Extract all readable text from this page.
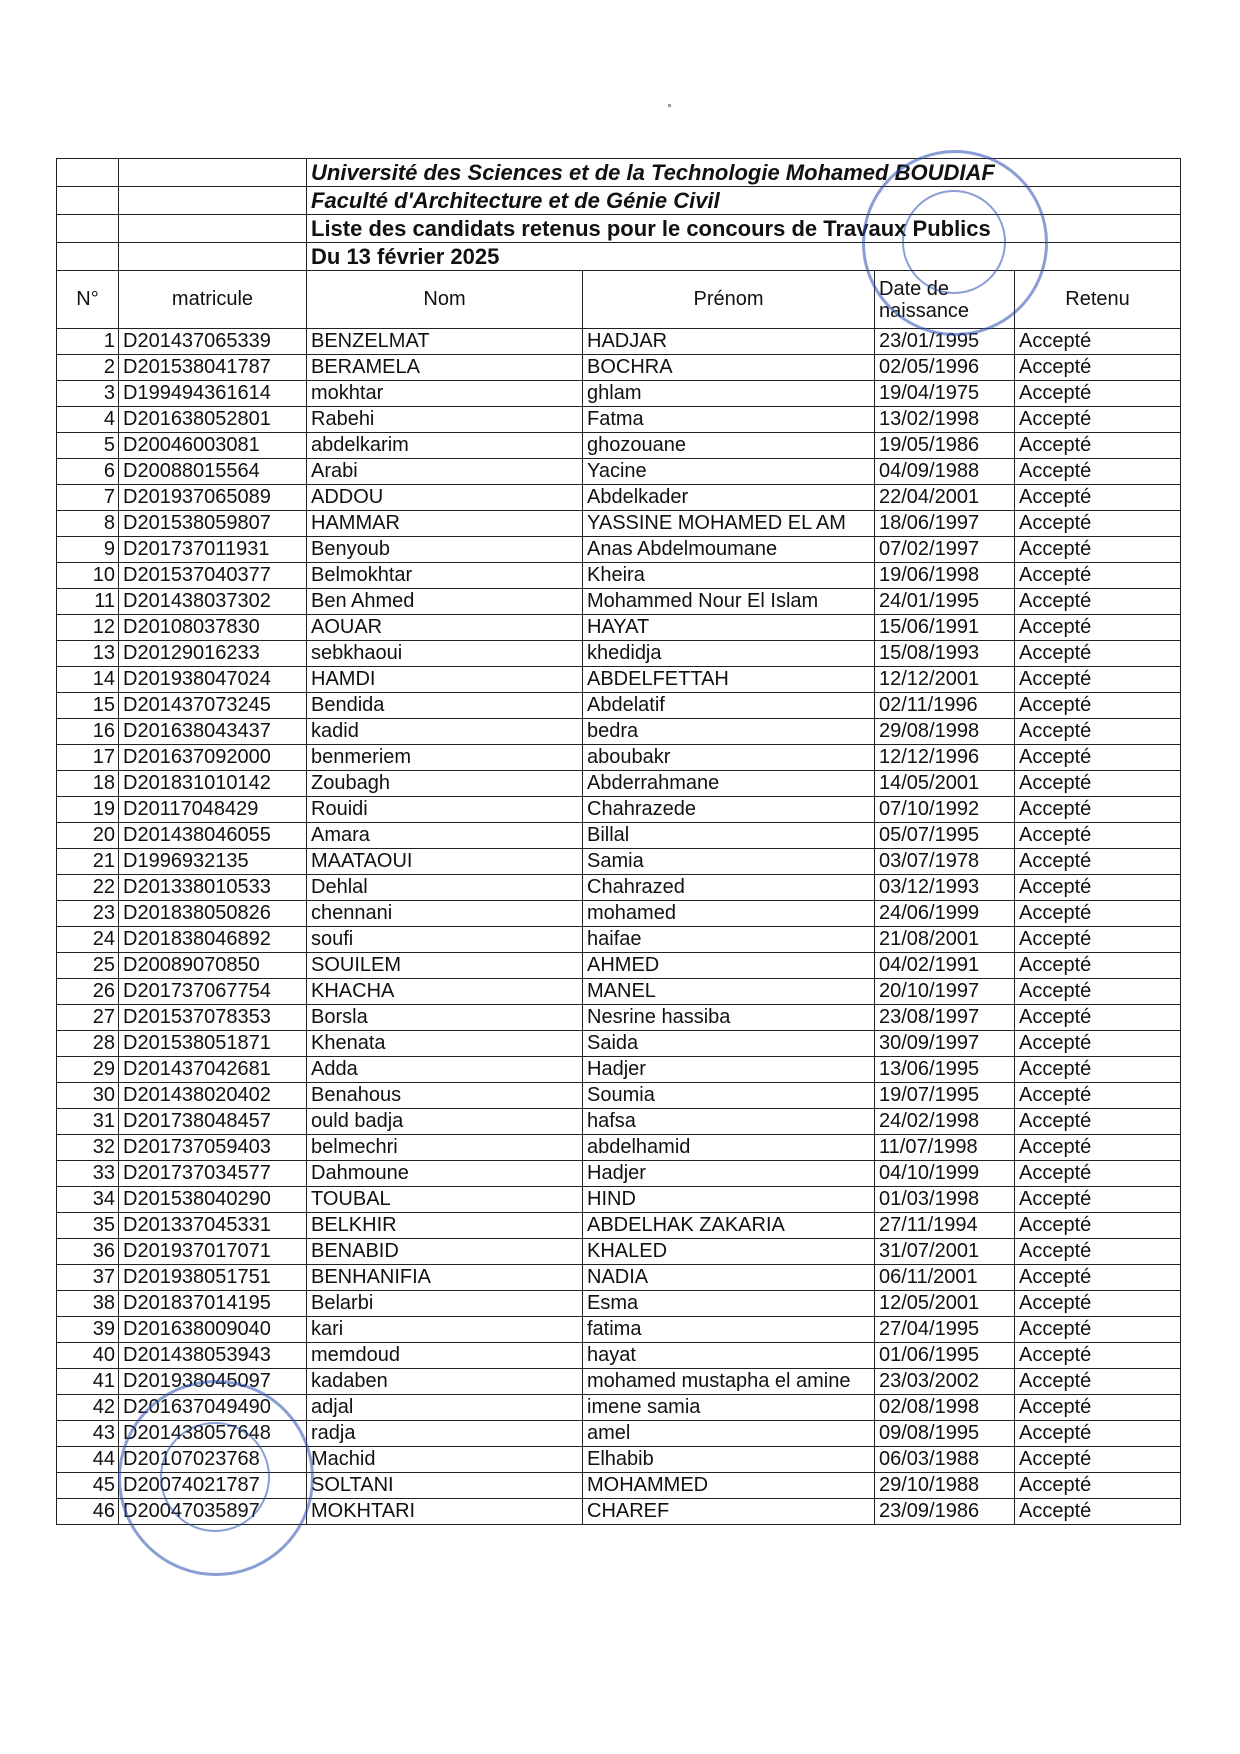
		Université des Sciences et de la Technologie Mohamed BOUDIAF			
		Faculté d'Architecture et de Génie Civil			
		Liste des candidats retenus pour le concours de Travaux Publics			
		Du 13 février 2025			
N°	matricule	Nom	Prénom	Date de naissance	Retenu
1	D201437065339	BENZELMAT	HADJAR	23/01/1995	Accepté
2	D201538041787	BERAMELA	BOCHRA	02/05/1996	Accepté
3	D199494361614	mokhtar	ghlam	19/04/1975	Accepté
4	D201638052801	Rabehi	Fatma	13/02/1998	Accepté
5	D20046003081	abdelkarim	ghozouane	19/05/1986	Accepté
6	D20088015564	Arabi	Yacine	04/09/1988	Accepté
7	D201937065089	ADDOU	Abdelkader	22/04/2001	Accepté
8	D201538059807	HAMMAR	YASSINE MOHAMED EL AM	18/06/1997	Accepté
9	D201737011931	Benyoub	Anas Abdelmoumane	07/02/1997	Accepté
10	D201537040377	Belmokhtar	Kheira	19/06/1998	Accepté
11	D201438037302	Ben Ahmed	Mohammed Nour El Islam	24/01/1995	Accepté
12	D20108037830	AOUAR	HAYAT	15/06/1991	Accepté
13	D20129016233	sebkhaoui	khedidja	15/08/1993	Accepté
14	D201938047024	HAMDI	ABDELFETTAH	12/12/2001	Accepté
15	D201437073245	Bendida	Abdelatif	02/11/1996	Accepté
16	D201638043437	kadid	bedra	29/08/1998	Accepté
17	D201637092000	benmeriem	aboubakr	12/12/1996	Accepté
18	D201831010142	Zoubagh	Abderrahmane	14/05/2001	Accepté
19	D20117048429	Rouidi	Chahrazede	07/10/1992	Accepté
20	D201438046055	Amara	Billal	05/07/1995	Accepté
21	D1996932135	MAATAOUI	Samia	03/07/1978	Accepté
22	D201338010533	Dehlal	Chahrazed	03/12/1993	Accepté
23	D201838050826	chennani	mohamed	24/06/1999	Accepté
24	D201838046892	soufi	haifae	21/08/2001	Accepté
25	D20089070850	SOUILEM	AHMED	04/02/1991	Accepté
26	D201737067754	KHACHA	MANEL	20/10/1997	Accepté
27	D201537078353	Borsla	Nesrine hassiba	23/08/1997	Accepté
28	D201538051871	Khenata	Saida	30/09/1997	Accepté
29	D201437042681	Adda	Hadjer	13/06/1995	Accepté
30	D201438020402	Benahous	Soumia	19/07/1995	Accepté
31	D201738048457	ould badja	hafsa	24/02/1998	Accepté
32	D201737059403	belmechri	abdelhamid	11/07/1998	Accepté
33	D201737034577	Dahmoune	Hadjer	04/10/1999	Accepté
34	D201538040290	TOUBAL	HIND	01/03/1998	Accepté
35	D201337045331	BELKHIR	ABDELHAK ZAKARIA	27/11/1994	Accepté
36	D201937017071	BENABID	KHALED	31/07/2001	Accepté
37	D201938051751	BENHANIFIA	NADIA	06/11/2001	Accepté
38	D201837014195	Belarbi	Esma	12/05/2001	Accepté
39	D201638009040	kari	fatima	27/04/1995	Accepté
40	D201438053943	memdoud	hayat	01/06/1995	Accepté
41	D201938045097	kadaben	mohamed mustapha el amine	23/03/2002	Accepté
42	D201637049490	adjal	imene samia	02/08/1998	Accepté
43	D201438057648	radja	amel	09/08/1995	Accepté
44	D20107023768	Machid	Elhabib	06/03/1988	Accepté
45	D20074021787	SOLTANI	MOHAMMED	29/10/1988	Accepté
46	D20047035897	MOKHTARI	CHAREF	23/09/1986	Accepté
